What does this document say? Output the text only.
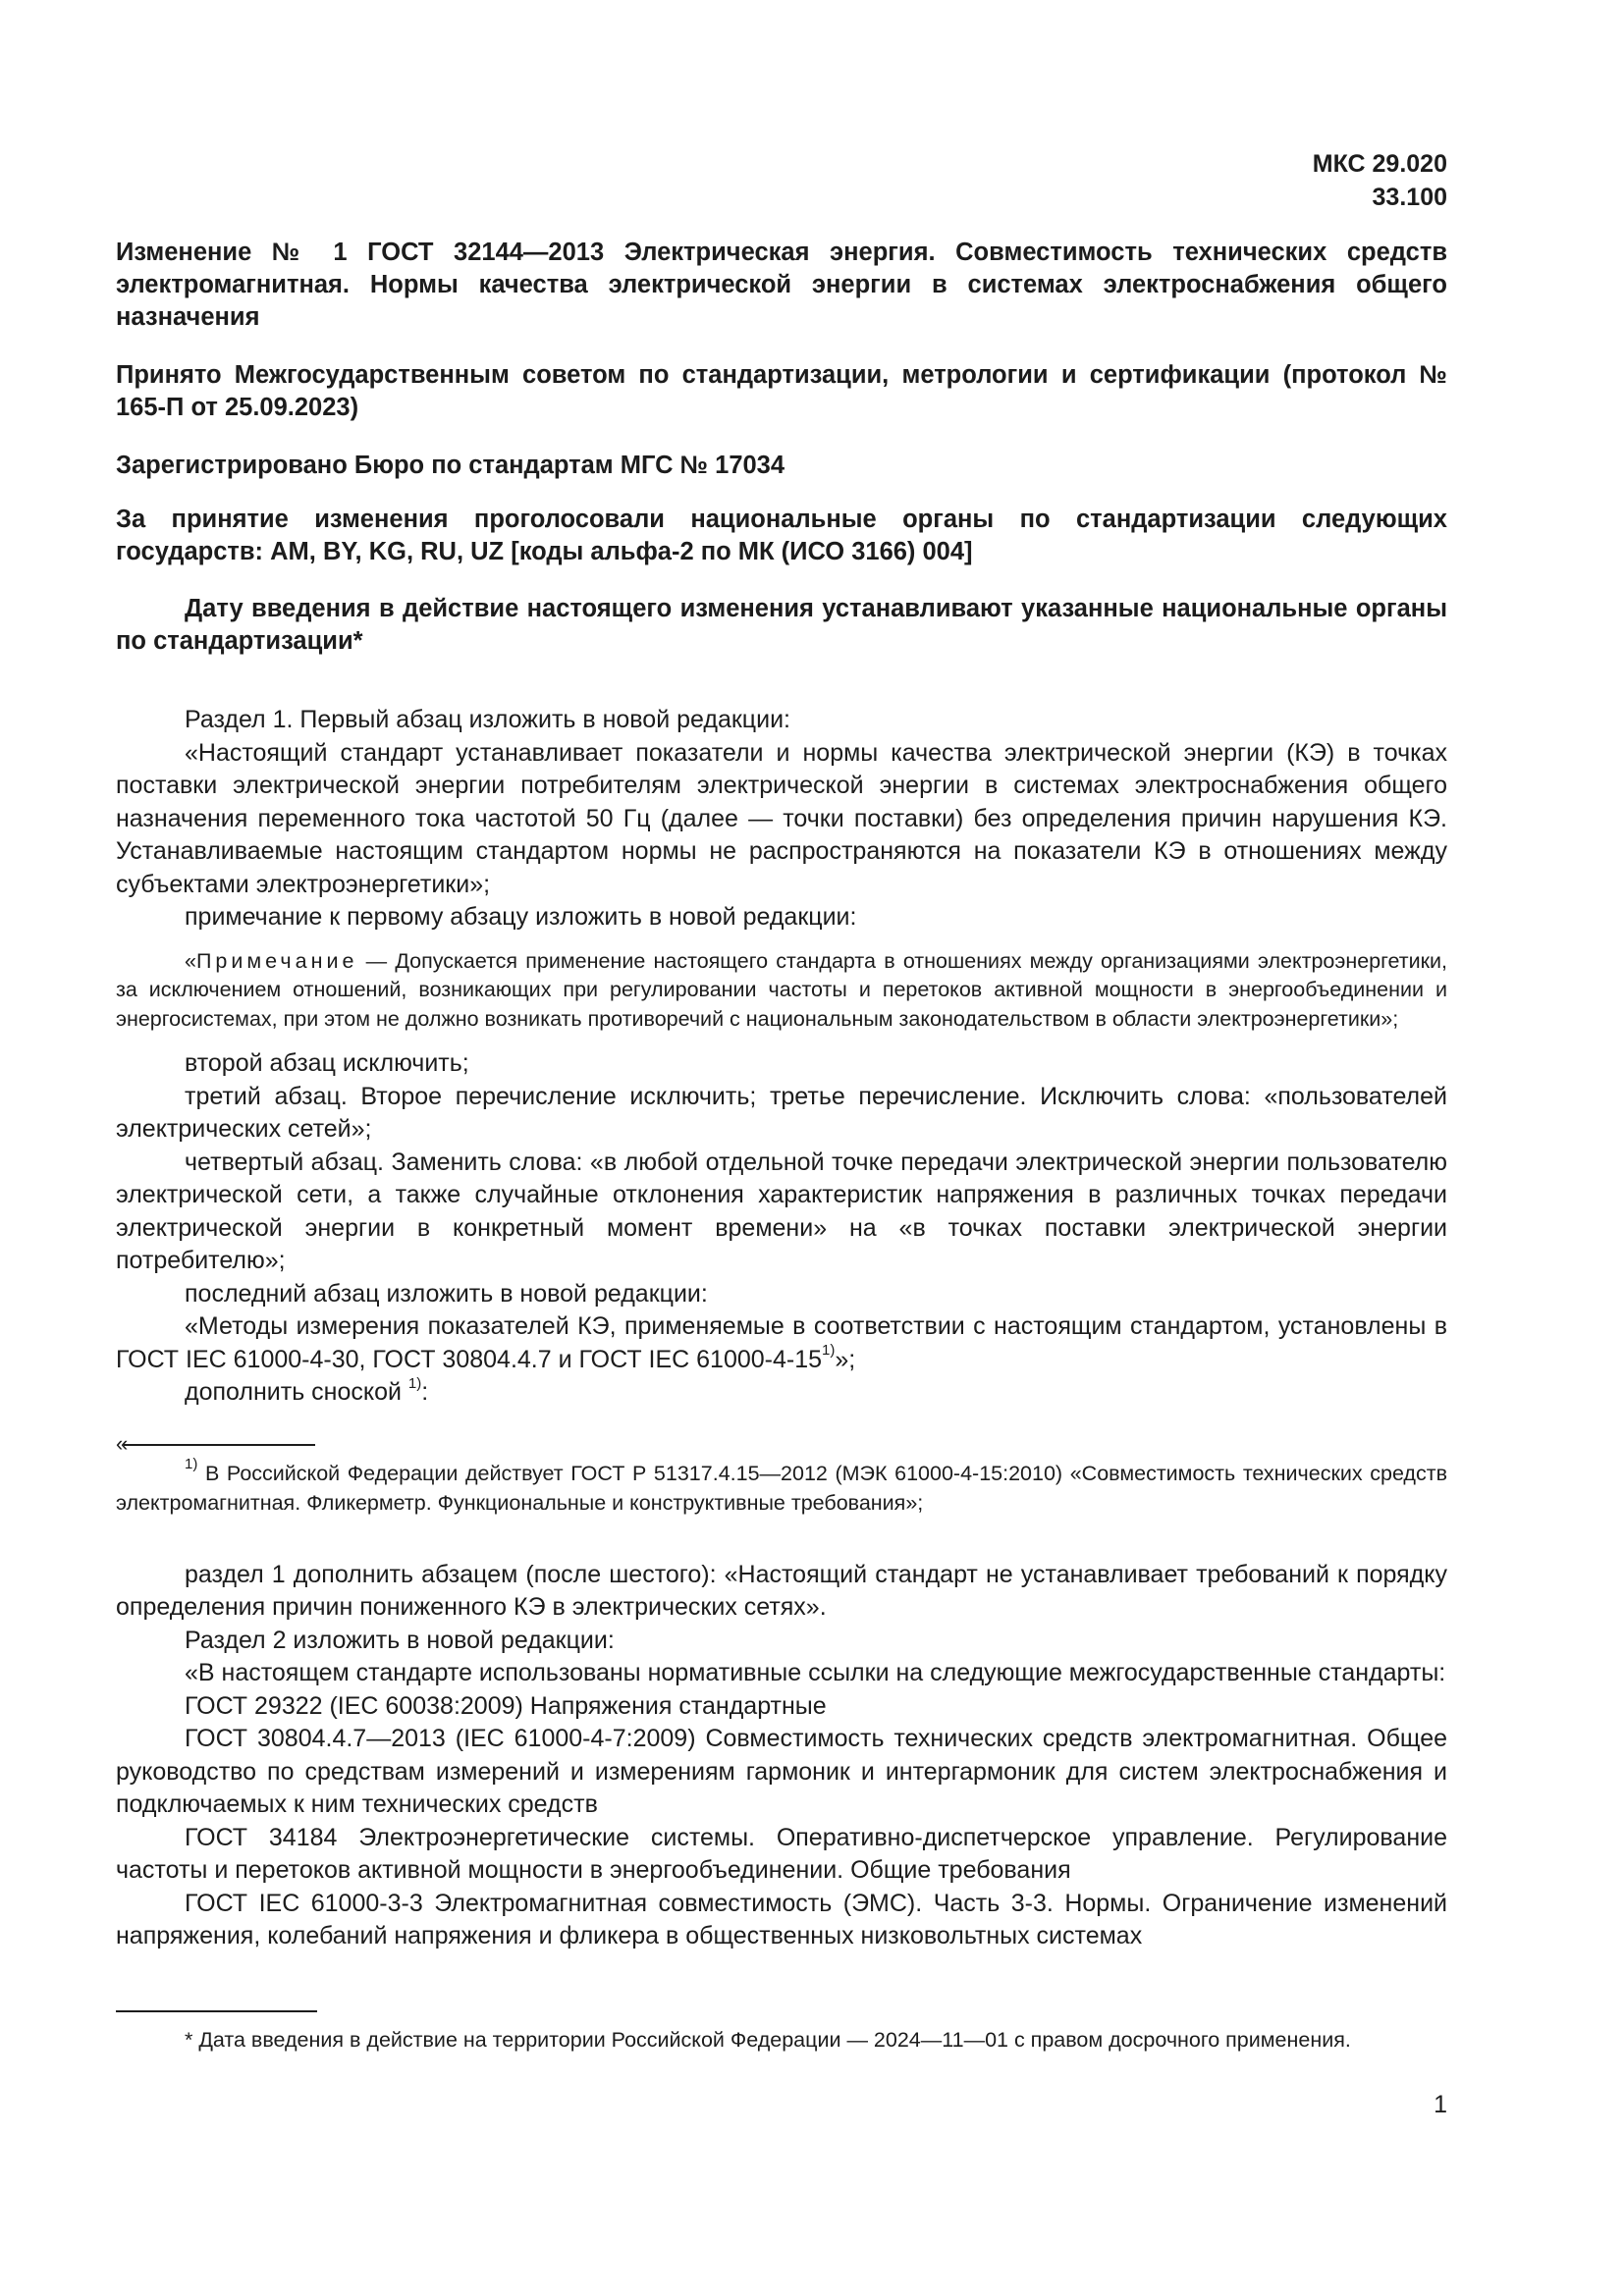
МКС 29.020
33.100

Изменение № 1 ГОСТ 32144—2013 Электрическая энергия. Совместимость технических средств электромагнитная. Нормы качества электрической энергии в системах электроснабжения общего назначения

Принято Межгосударственным советом по стандартизации, метрологии и сертификации (протокол № 165-П от 25.09.2023)

Зарегистрировано Бюро по стандартам МГС № 17034

За принятие изменения проголосовали национальные органы по стандартизации следующих государств: AM, BY, KG, RU, UZ [коды альфа-2 по МК (ИСО 3166) 004]

Дату введения в действие настоящего изменения устанавливают указанные национальные органы по стандартизации*

Раздел 1. Первый абзац изложить в новой редакции:

«Настоящий стандарт устанавливает показатели и нормы качества электрической энергии (КЭ) в точках поставки электрической энергии потребителям электрической энергии в системах электроснабжения общего назначения переменного тока частотой 50 Гц (далее — точки поставки) без определения причин нарушения КЭ. Устанавливаемые настоящим стандартом нормы не распространяются на показатели КЭ в отношениях между субъектами электроэнергетики»;

примечание к первому абзацу изложить в новой редакции:

«Примечание — Допускается применение настоящего стандарта в отношениях между организациями электроэнергетики, за исключением отношений, возникающих при регулировании частоты и перетоков активной мощности в энергообъединении и энергосистемах, при этом не должно возникать противоречий с национальным законодательством в области электроэнергетики»;

второй абзац исключить;

третий абзац. Второе перечисление исключить; третье перечисление. Исключить слова: «пользователей электрических сетей»;

четвертый абзац. Заменить слова: «в любой отдельной точке передачи электрической энергии пользователю электрической сети, а также случайные отклонения характеристик напряжения в различных точках передачи электрической энергии в конкретный момент времени» на «в точках поставки электрической энергии потребителю»;

последний абзац изложить в новой редакции:

«Методы измерения показателей КЭ, применяемые в соответствии с настоящим стандартом, установлены в ГОСТ IEC 61000-4-30, ГОСТ 30804.4.7 и ГОСТ IEC 61000-4-15$^{1)}$»;

дополнить сноской $^{1)}$:

«

$^{1)}$ В Российской Федерации действует ГОСТ Р 51317.4.15—2012 (МЭК 61000-4-15:2010) «Совместимость технических средств электромагнитная. Фликерметр. Функциональные и конструктивные требования»;

раздел 1 дополнить абзацем (после шестого): «Настоящий стандарт не устанавливает требований к порядку определения причин пониженного КЭ в электрических сетях».

Раздел 2 изложить в новой редакции:

«В настоящем стандарте использованы нормативные ссылки на следующие межгосударственные стандарты:

ГОСТ 29322 (IEC 60038:2009) Напряжения стандартные

ГОСТ 30804.4.7—2013 (IEC 61000-4-7:2009) Совместимость технических средств электромагнитная. Общее руководство по средствам измерений и измерениям гармоник и интергармоник для систем электроснабжения и подключаемых к ним технических средств

ГОСТ 34184 Электроэнергетические системы. Оперативно-диспетчерское управление. Регулирование частоты и перетоков активной мощности в энергообъединении. Общие требования

ГОСТ IEC 61000-3-3 Электромагнитная совместимость (ЭМС). Часть 3-3. Нормы. Ограничение изменений напряжения, колебаний напряжения и фликера в общественных низковольтных системах

* Дата введения в действие на территории Российской Федерации — 2024—11—01 с правом досрочного применения.

1
